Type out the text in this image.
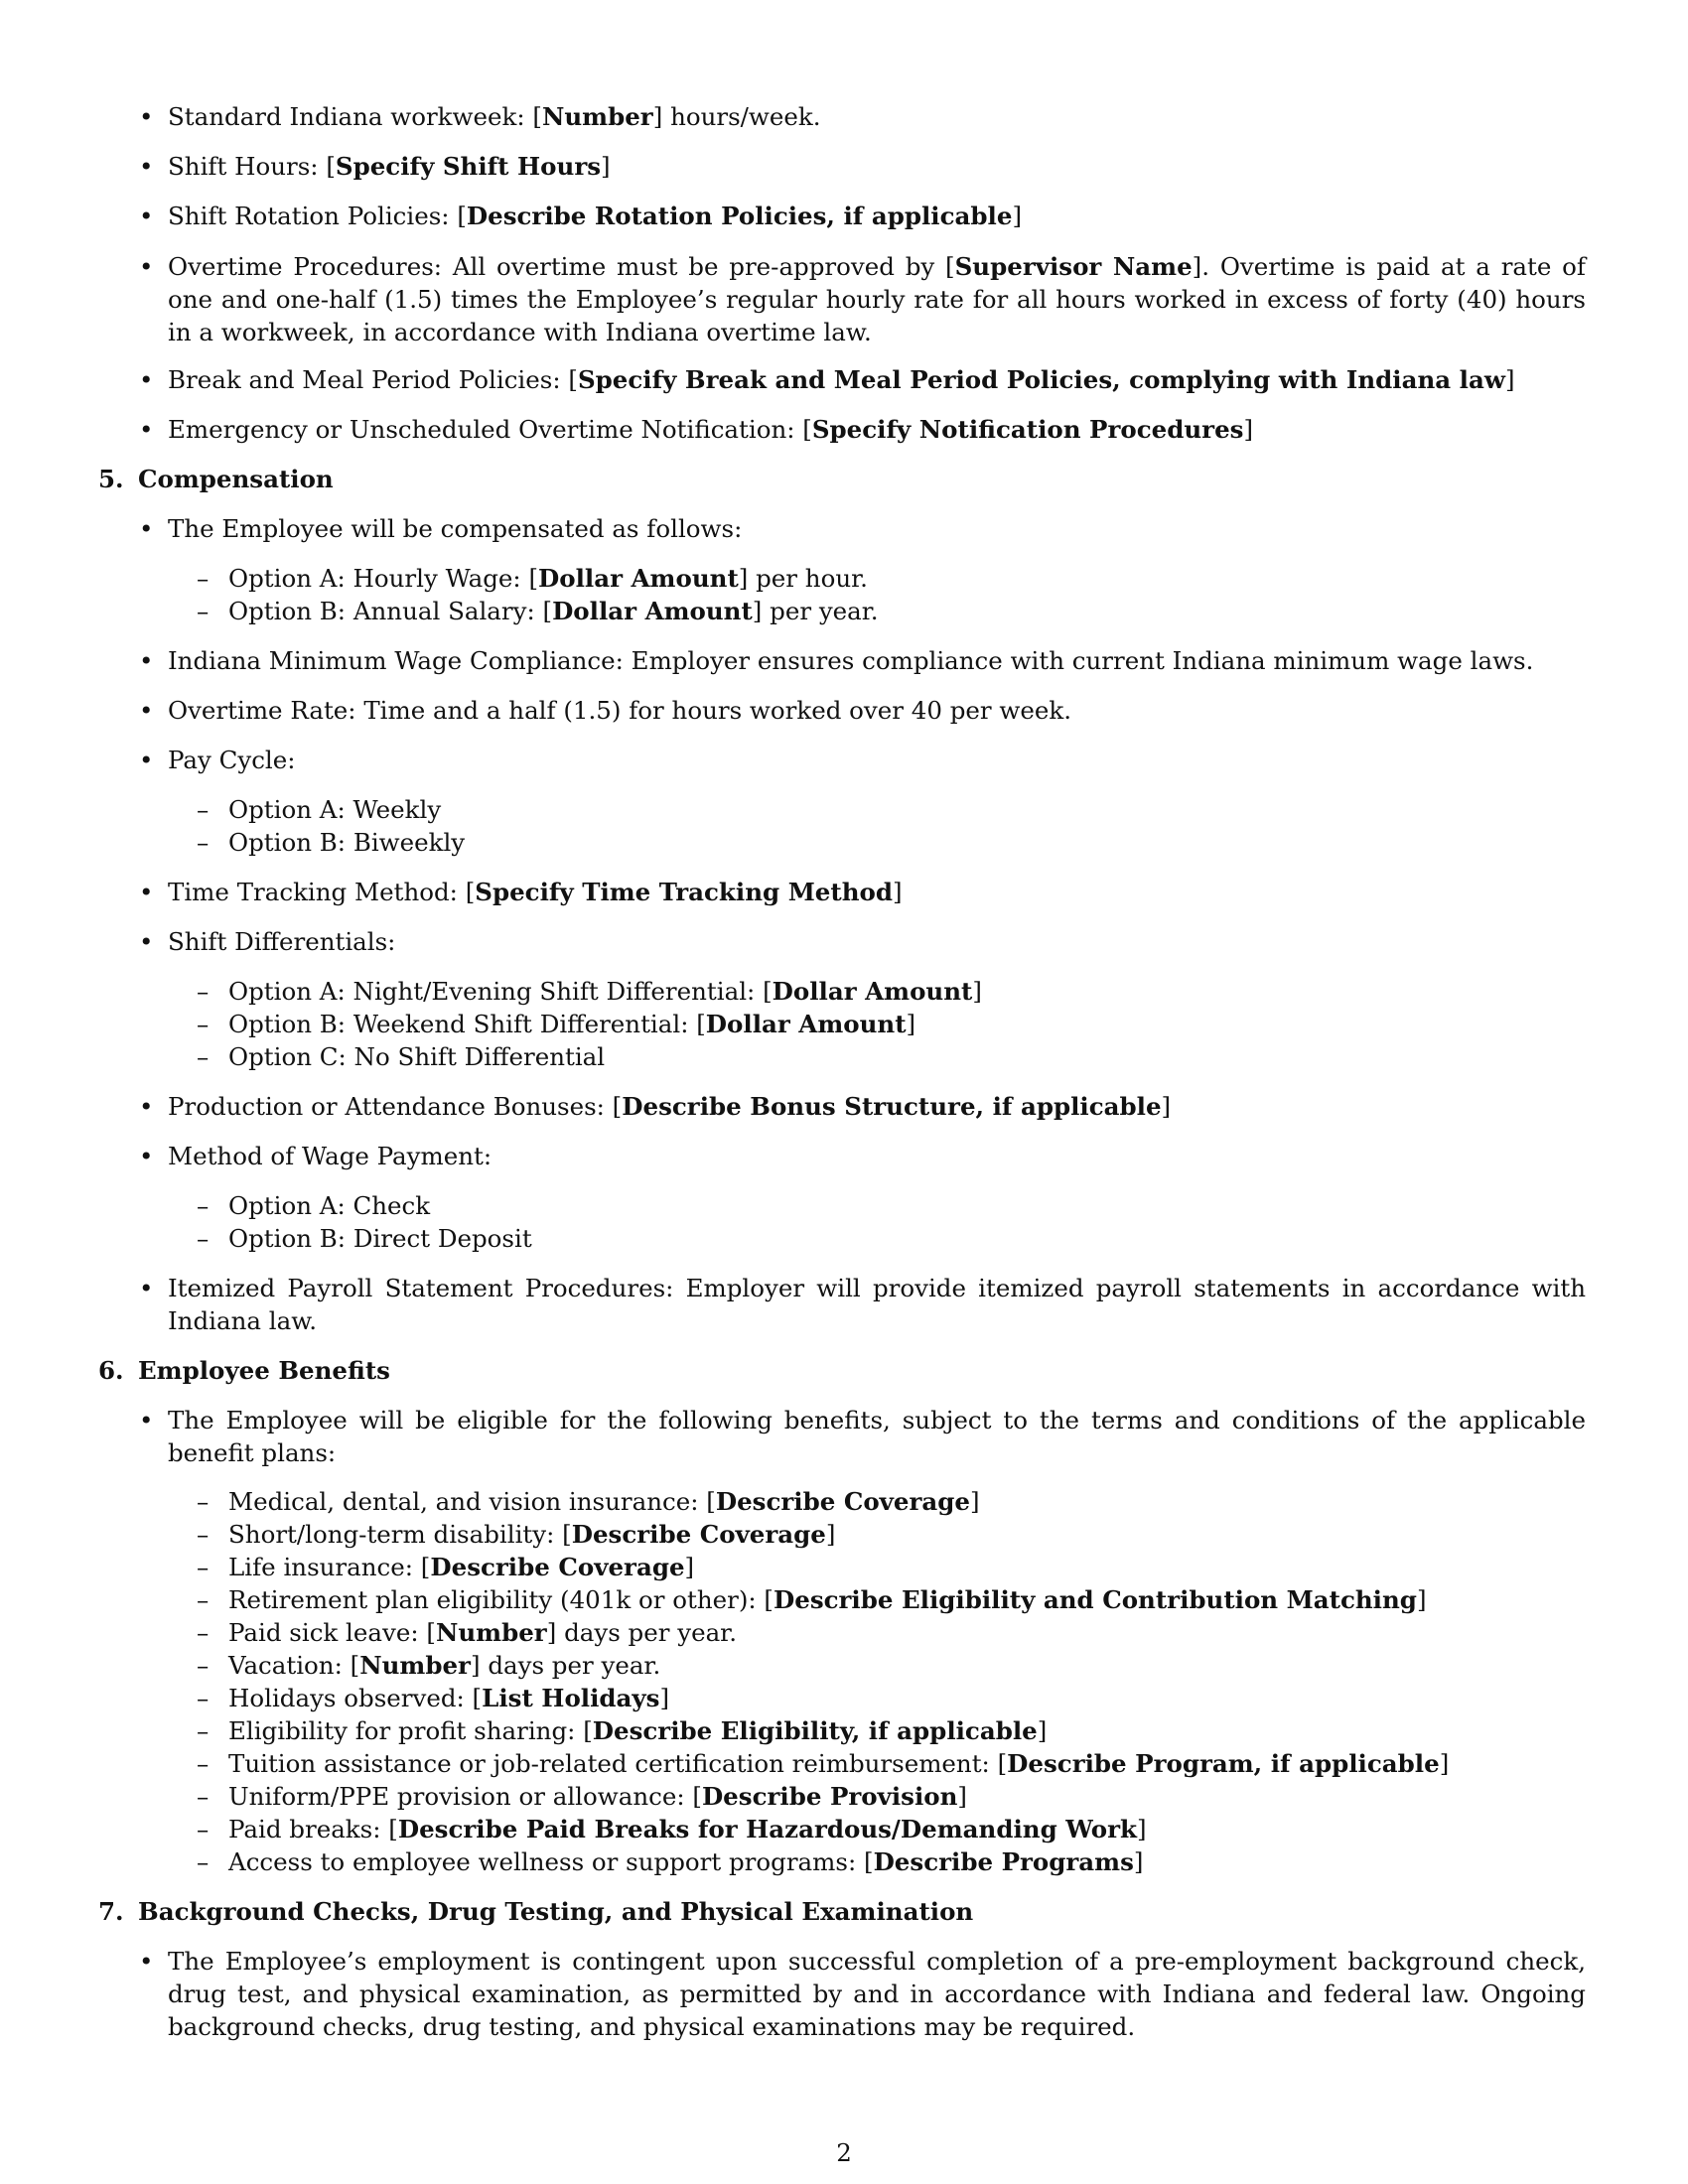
• Standard Indiana workweek: [Number] hours/week.
• Shift Hours: [Specify Shift Hours]
• Shift Rotation Policies: [Describe Rotation Policies, if applicable]
• Overtime Procedures: All overtime must be pre-approved by [Supervisor Name]. Overtime is paid at a rate of one and one-half (1.5) times the Employee’s regular hourly rate for all hours worked in excess of forty (40) hours in a workweek, in accordance with Indiana overtime law.
• Break and Meal Period Policies: [Specify Break and Meal Period Policies, complying with Indiana law]
• Emergency or Unscheduled Overtime Notification: [Specify Notification Procedures]
5. Compensation
• The Employee will be compensated as follows:
– Option A: Hourly Wage: [Dollar Amount] per hour.
– Option B: Annual Salary: [Dollar Amount] per year.
• Indiana Minimum Wage Compliance: Employer ensures compliance with current Indiana minimum wage laws.
• Overtime Rate: Time and a half (1.5) for hours worked over 40 per week.
• Pay Cycle:
– Option A: Weekly
– Option B: Biweekly
• Time Tracking Method: [Specify Time Tracking Method]
• Shift Differentials:
– Option A: Night/Evening Shift Differential: [Dollar Amount]
– Option B: Weekend Shift Differential: [Dollar Amount]
– Option C: No Shift Differential
• Production or Attendance Bonuses: [Describe Bonus Structure, if applicable]
• Method of Wage Payment:
– Option A: Check
– Option B: Direct Deposit
• Itemized Payroll Statement Procedures: Employer will provide itemized payroll statements in accordance with Indiana law.
6. Employee Benefits
• The Employee will be eligible for the following benefits, subject to the terms and conditions of the applicable benefit plans:
– Medical, dental, and vision insurance: [Describe Coverage]
– Short/long-term disability: [Describe Coverage]
– Life insurance: [Describe Coverage]
– Retirement plan eligibility (401k or other): [Describe Eligibility and Contribution Matching]
– Paid sick leave: [Number] days per year.
– Vacation: [Number] days per year.
– Holidays observed: [List Holidays]
– Eligibility for profit sharing: [Describe Eligibility, if applicable]
– Tuition assistance or job-related certification reimbursement: [Describe Program, if applicable]
– Uniform/PPE provision or allowance: [Describe Provision]
– Paid breaks: [Describe Paid Breaks for Hazardous/Demanding Work]
– Access to employee wellness or support programs: [Describe Programs]
7. Background Checks, Drug Testing, and Physical Examination
• The Employee’s employment is contingent upon successful completion of a pre-employment background check, drug test, and physical examination, as permitted by and in accordance with Indiana and federal law. Ongoing background checks, drug testing, and physical examinations may be required.
2
